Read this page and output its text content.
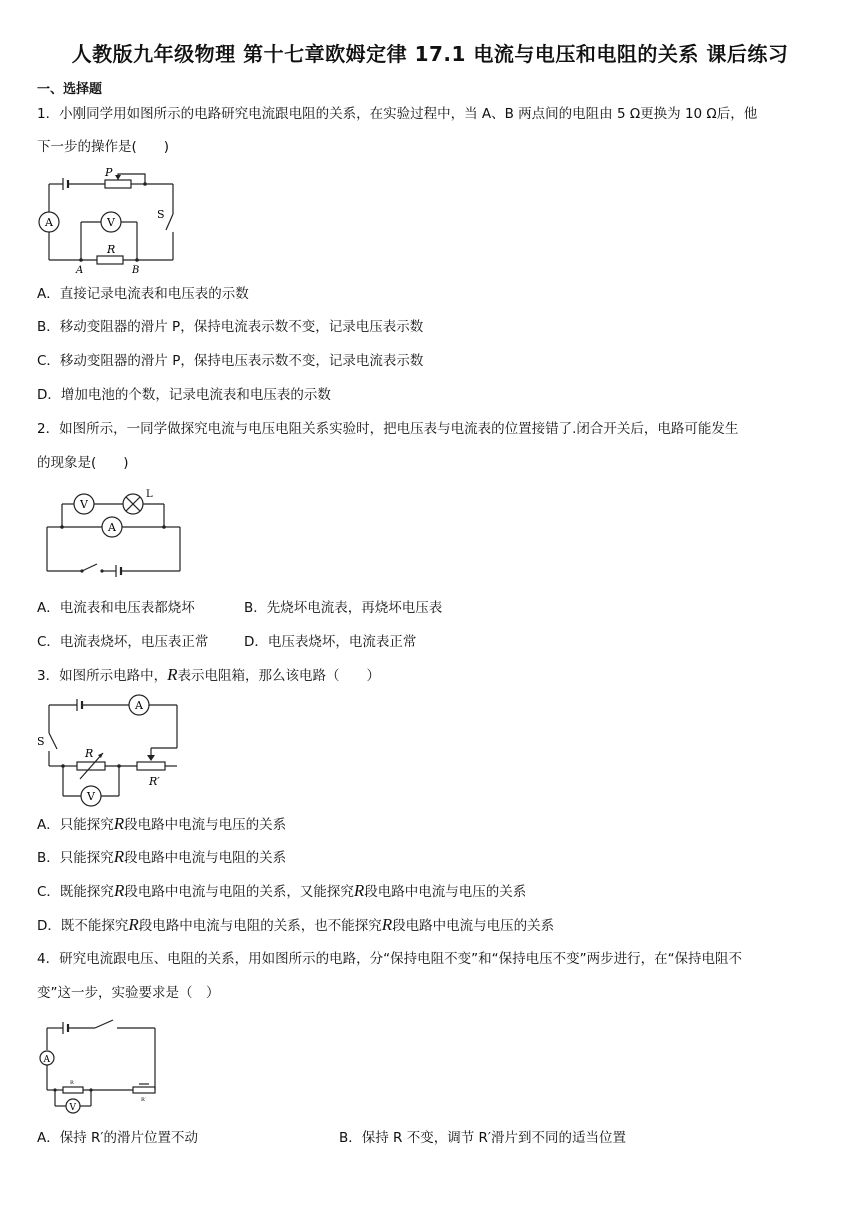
人教版九年级物理 第十七章欧姆定律 17.1 电流与电压和电阻的关系 课后练习
一、选择题
1．小刚同学用如图所示的电路研究电流跟电阻的关系，在实验过程中，当 A、B 两点间的电阻由 5 Ω更换为 10 Ω后，他
下一步的操作是(　　)
A	V
P
R
S
A	B
A．直接记录电流表和电压表的示数
B．移动变阻器的滑片 P，保持电流表示数不变，记录电压表示数
C．移动变阻器的滑片 P，保持电压表示数不变，记录电流表示数
D．增加电池的个数，记录电流表和电压表的示数
2．如图所示，一同学做探究电流与电压电阻关系实验时，把电压表与电流表的位置接错了.闭合开关后，电路可能发生
的现象是(　　)
V
A
L
A．电流表和电压表都烧坏	B．先烧坏电流表，再烧坏电压表
C．电流表烧坏，电压表正常	D．电压表烧坏，电流表正常
3．如图所示电路中，R表示电阻箱，那么该电路（　　）
A
S
R
R′
V
A．只能探究R段电路中电流与电压的关系
B．只能探究R段电路中电流与电阻的关系
C．既能探究R段电路中电流与电阻的关系，又能探究R段电路中电流与电压的关系
D．既不能探究R段电路中电流与电阻的关系，也不能探究R段电路中电流与电压的关系
4．研究电流跟电压、电阻的关系，用如图所示的电路，分“保持电阻不变”和“保持电压不变”两步进行，在“保持电阻不
变”这一步，实验要求是（　）
A
V
R
R′
A．保持 R′的滑片位置不动	B．保持 R 不变，调节 R′滑片到不同的适当位置
